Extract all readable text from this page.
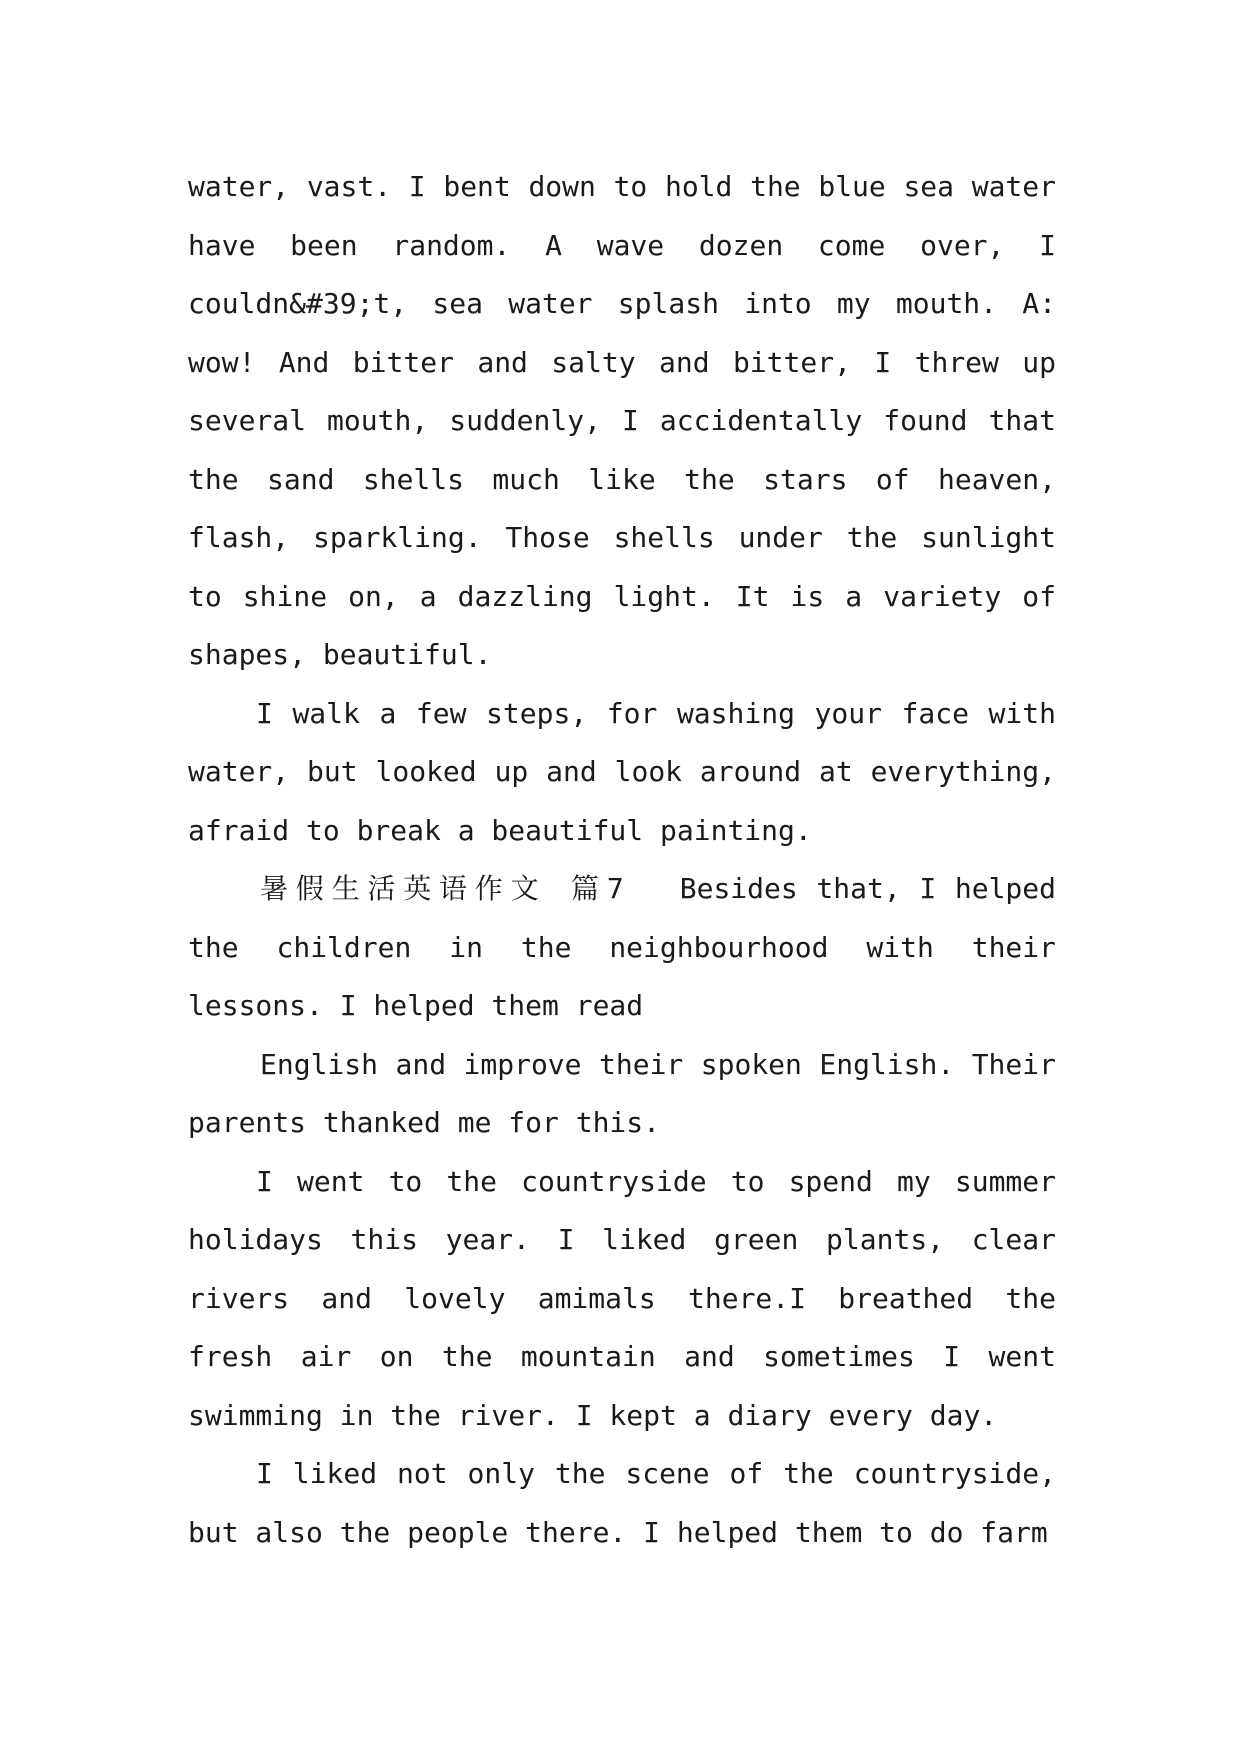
water, vast. I bent down to hold the blue sea water have been random. A wave dozen come over, I couldn&#39;t, sea water splash into my mouth. A: wow! And bitter and salty and bitter, I threw up several mouth, suddenly, I accidentally found that the sand shells much like the stars of heaven, flash, sparkling. Those shells under the sunlight to shine on, a dazzling light. It is a variety of shapes, beautiful.

I walk a few steps, for washing your face with water, but looked up and look around at everything, afraid to break a beautiful painting.

暑假生活英语作文 篇7 Besides that, I helped the children in the neighbourhood with their lessons. I helped them read

English and improve their spoken English. Their parents thanked me for this.

I went to the countryside to spend my summer holidays this year. I liked green plants, clear rivers and lovely amimals there.I breathed the fresh air on the mountain and sometimes I went swimming in the river. I kept a diary every day.

I liked not only the scene of the countryside, but also the people there. I helped them to do farm
